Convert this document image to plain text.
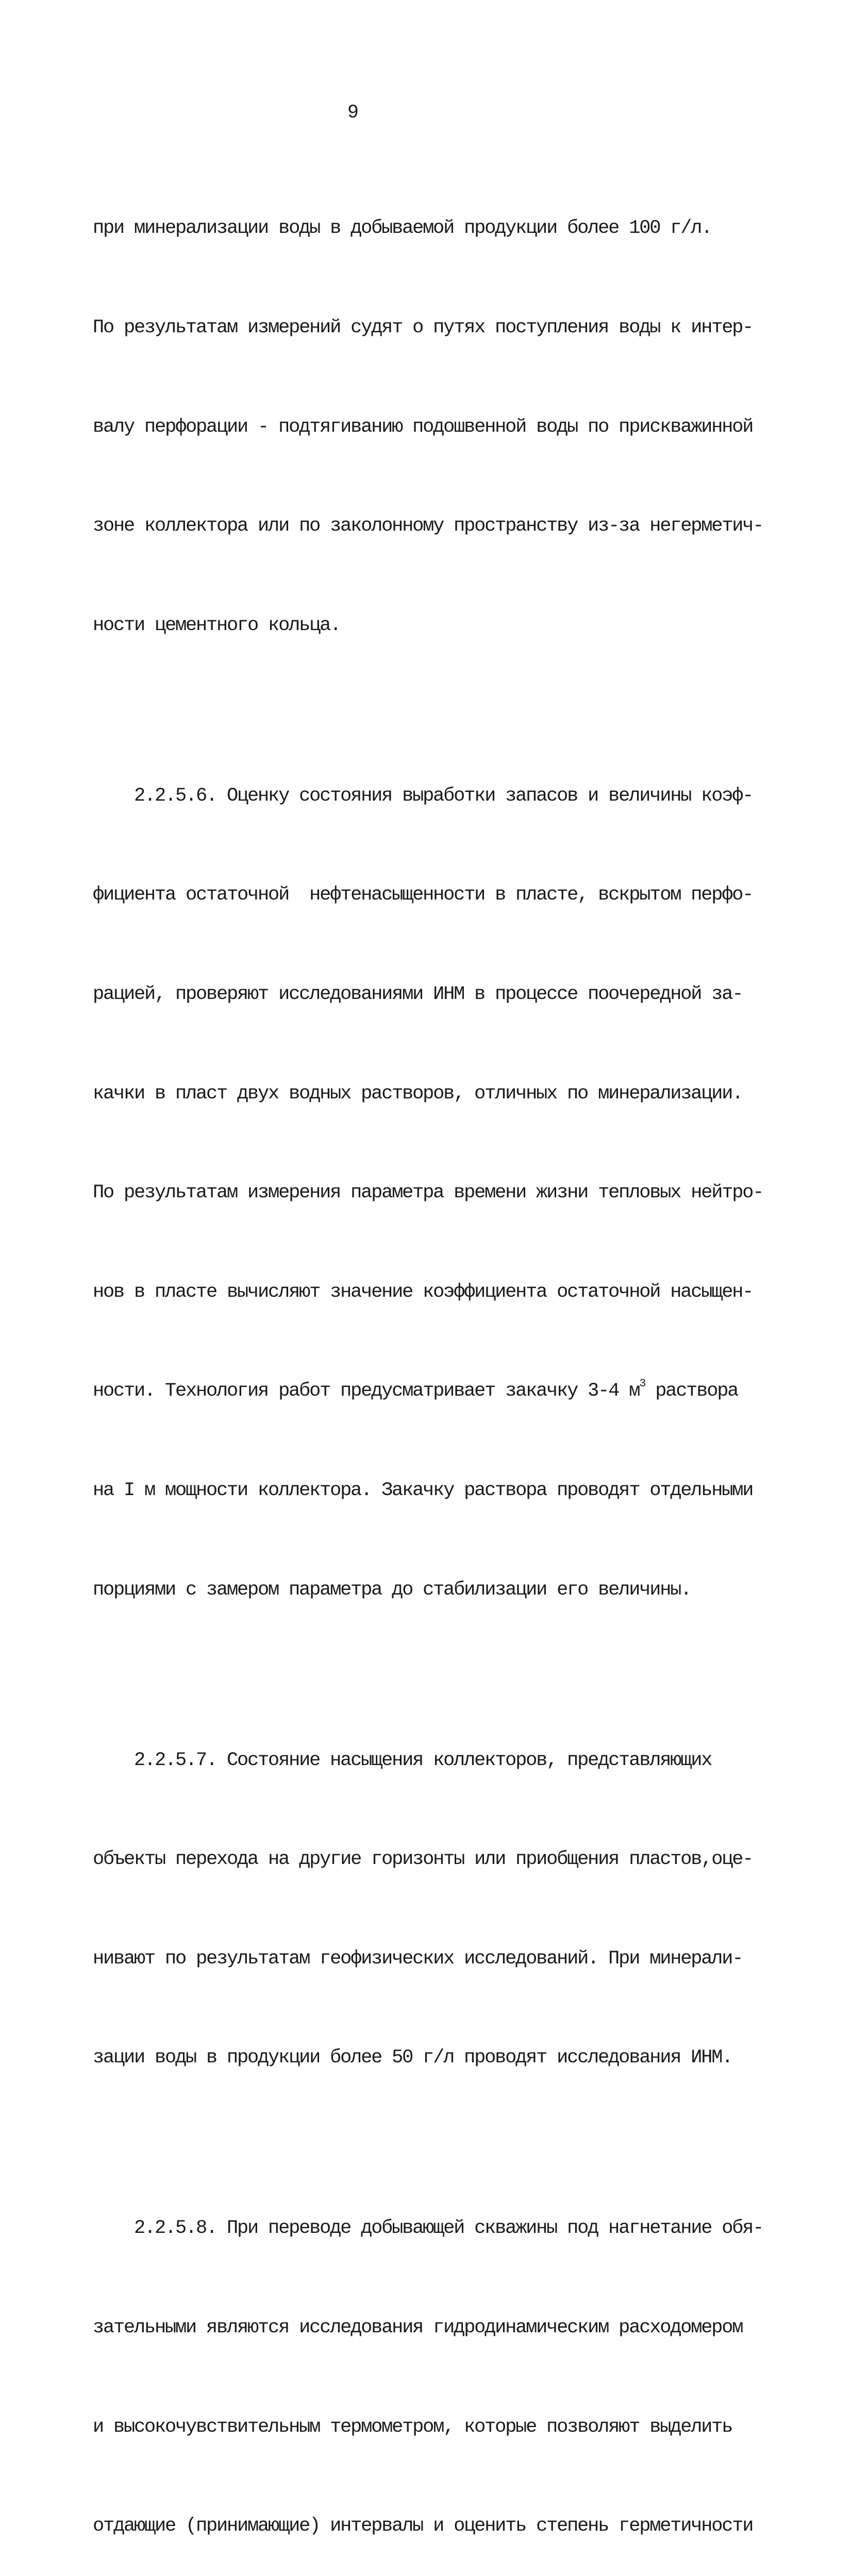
9

при минерализации воды в добываемой продукции более 100 г/л.

По результатам измерений судят о путях поступления воды к интер-

валу перфорации - подтягиванию подошвенной воды по прискважинной

зоне коллектора или по заколонному пространству из-за негерметич-

ности цементного кольца.

2.2.5.6. Оценку состояния выработки запасов и величины коэф-

фициента остаточной  нефтенасыщенности в пласте, вскрытом перфо-

рацией, проверяют исследованиями ИНМ в процессе поочередной за-

качки в пласт двух водных растворов, отличных по минерализации.

По результатам измерения параметра времени жизни тепловых нейтро-

нов в пласте вычисляют значение коэффициента остаточной насыщен-

ности. Технология работ предусматривает закачку 3-4 $м^3$ раствора

на I м мощности коллектора. Закачку раствора проводят отдельными

порциями с замером параметра до стабилизации его величины.

2.2.5.7. Состояние насыщения коллекторов, представляющих

объекты перехода на другие горизонты или приобщения пластов,оце-

нивают по результатам геофизических исследований. При минерали-

зации воды в продукции более 50 г/л проводят исследования ИНМ.

2.2.5.8. При переводе добывающей скважины под нагнетание обя-

зательными являются исследования гидродинамическим расходомером

и высокочувствительным термометром, которые позволяют выделить

отдающие (принимающие) интервалы и оценить степень герметичности
